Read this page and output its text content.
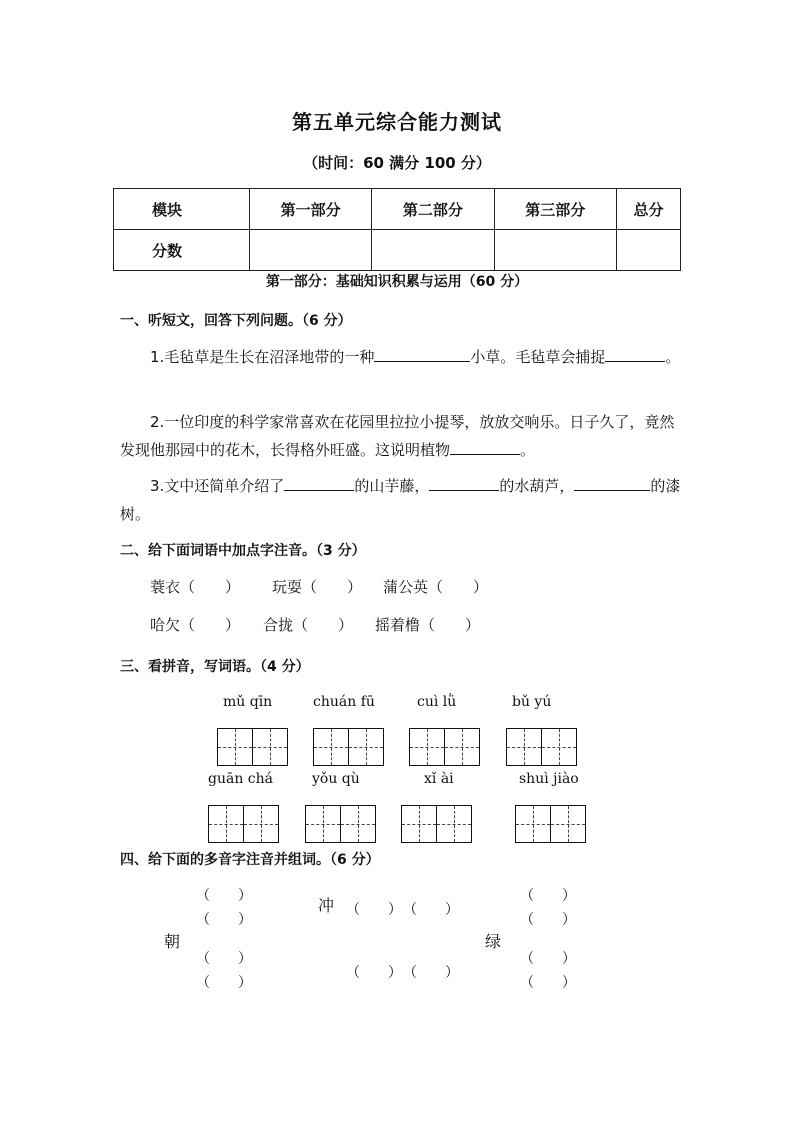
第五单元综合能力测试
（时间：60 满分 100 分）
模块	第一部分	第二部分	第三部分	总分
分数				
第一部分：基础知识积累与运用（60 分）
一、听短文，回答下列问题。（6 分）
1.毛毡草是生长在沼泽地带的一种	小草。毛毡草会捕捉	。
2.一位印度的科学家常喜欢在花园里拉拉小提琴，放放交响乐。日子久了，竟然发现他那园中的花木，长得格外旺盛。这说明植物	。
3.文中还简单介绍了	的山芋藤，	的水葫芦，	的漆树。
二、给下面词语中加点字注音。（3 分）
蓑衣（　　） 玩耍（　　） 蒲公英（　　）
哈欠（　　） 合拢（　　） 摇着橹（　　）
三、看拼音，写词语。（4 分）
mǔ qīn	chuán fū	cuì lǜ	bǔ yú
guān chá	yǒu qù	xǐ ài	shuì jiào
四、给下面的多音字注音并组词。（6 分）
朝
（　　）
（　　）
（　　）
（　　）
冲 （　　） （　　）
（　　） （　　）
绿
（　　）
（　　）
（　　）
（　　）
